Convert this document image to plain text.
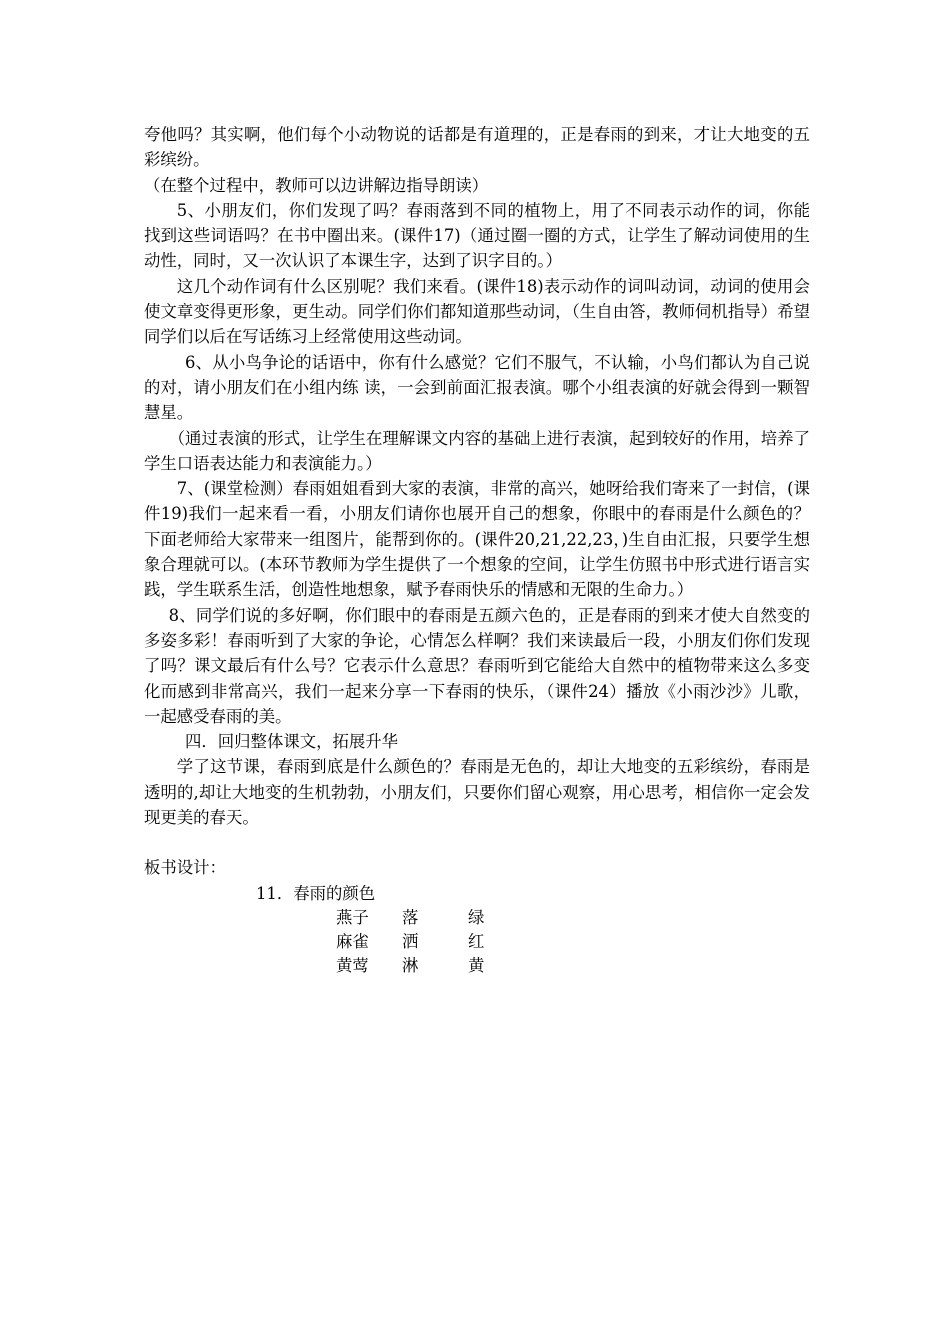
夸他吗？其实啊，他们每个小动物说的话都是有道理的，正是春雨的到来，才让大地变的五彩缤纷。

（在整个过程中，教师可以边讲解边指导朗读）

5、小朋友们，你们发现了吗？春雨落到不同的植物上，用了不同表示动作的词，你能找到这些词语吗？在书中圈出来。(课件17)（通过圈一圈的方式，让学生了解动词使用的生动性，同时，又一次认识了本课生字，达到了识字目的。）

这几个动作词有什么区别呢？我们来看。(课件18)表示动作的词叫动词，动词的使用会使文章变得更形象，更生动。同学们你们都知道那些动词，（生自由答，教师伺机指导）希望同学们以后在写话练习上经常使用这些动词。

6、从小鸟争论的话语中，你有什么感觉？它们不服气，不认输，小鸟们都认为自己说的对，请小朋友们在小组内练 读，一会到前面汇报表演。哪个小组表演的好就会得到一颗智慧星。

（通过表演的形式，让学生在理解课文内容的基础上进行表演，起到较好的作用，培养了学生口语表达能力和表演能力。）

7、(课堂检测）春雨姐姐看到大家的表演，非常的高兴，她呀给我们寄来了一封信，(课件19)我们一起来看一看，小朋友们请你也展开自己的想象，你眼中的春雨是什么颜色的？下面老师给大家带来一组图片，能帮到你的。(课件20,21,22,23，)生自由汇报，只要学生想象合理就可以。(本环节教师为学生提供了一个想象的空间，让学生仿照书中形式进行语言实践，学生联系生活，创造性地想象，赋予春雨快乐的情感和无限的生命力。）

8、同学们说的多好啊，你们眼中的春雨是五颜六色的，正是春雨的到来才使大自然变的多姿多彩！春雨听到了大家的争论，心情怎么样啊？我们来读最后一段，小朋友们你们发现了吗？课文最后有什么号？它表示什么意思？春雨听到它能给大自然中的植物带来这么多变化而感到非常高兴，我们一起来分享一下春雨的快乐，（课件24）播放《小雨沙沙》儿歌，一起感受春雨的美。

四．回归整体课文，拓展升华

学了这节课，春雨到底是什么颜色的？春雨是无色的，却让大地变的五彩缤纷，春雨是透明的,却让大地变的生机勃勃，小朋友们，只要你们留心观察，用心思考，相信你一定会发现更美的春天。

板书设计：

11．春雨的颜色

燕子	落	绿
麻雀	洒	红
黄莺	淋	黄
